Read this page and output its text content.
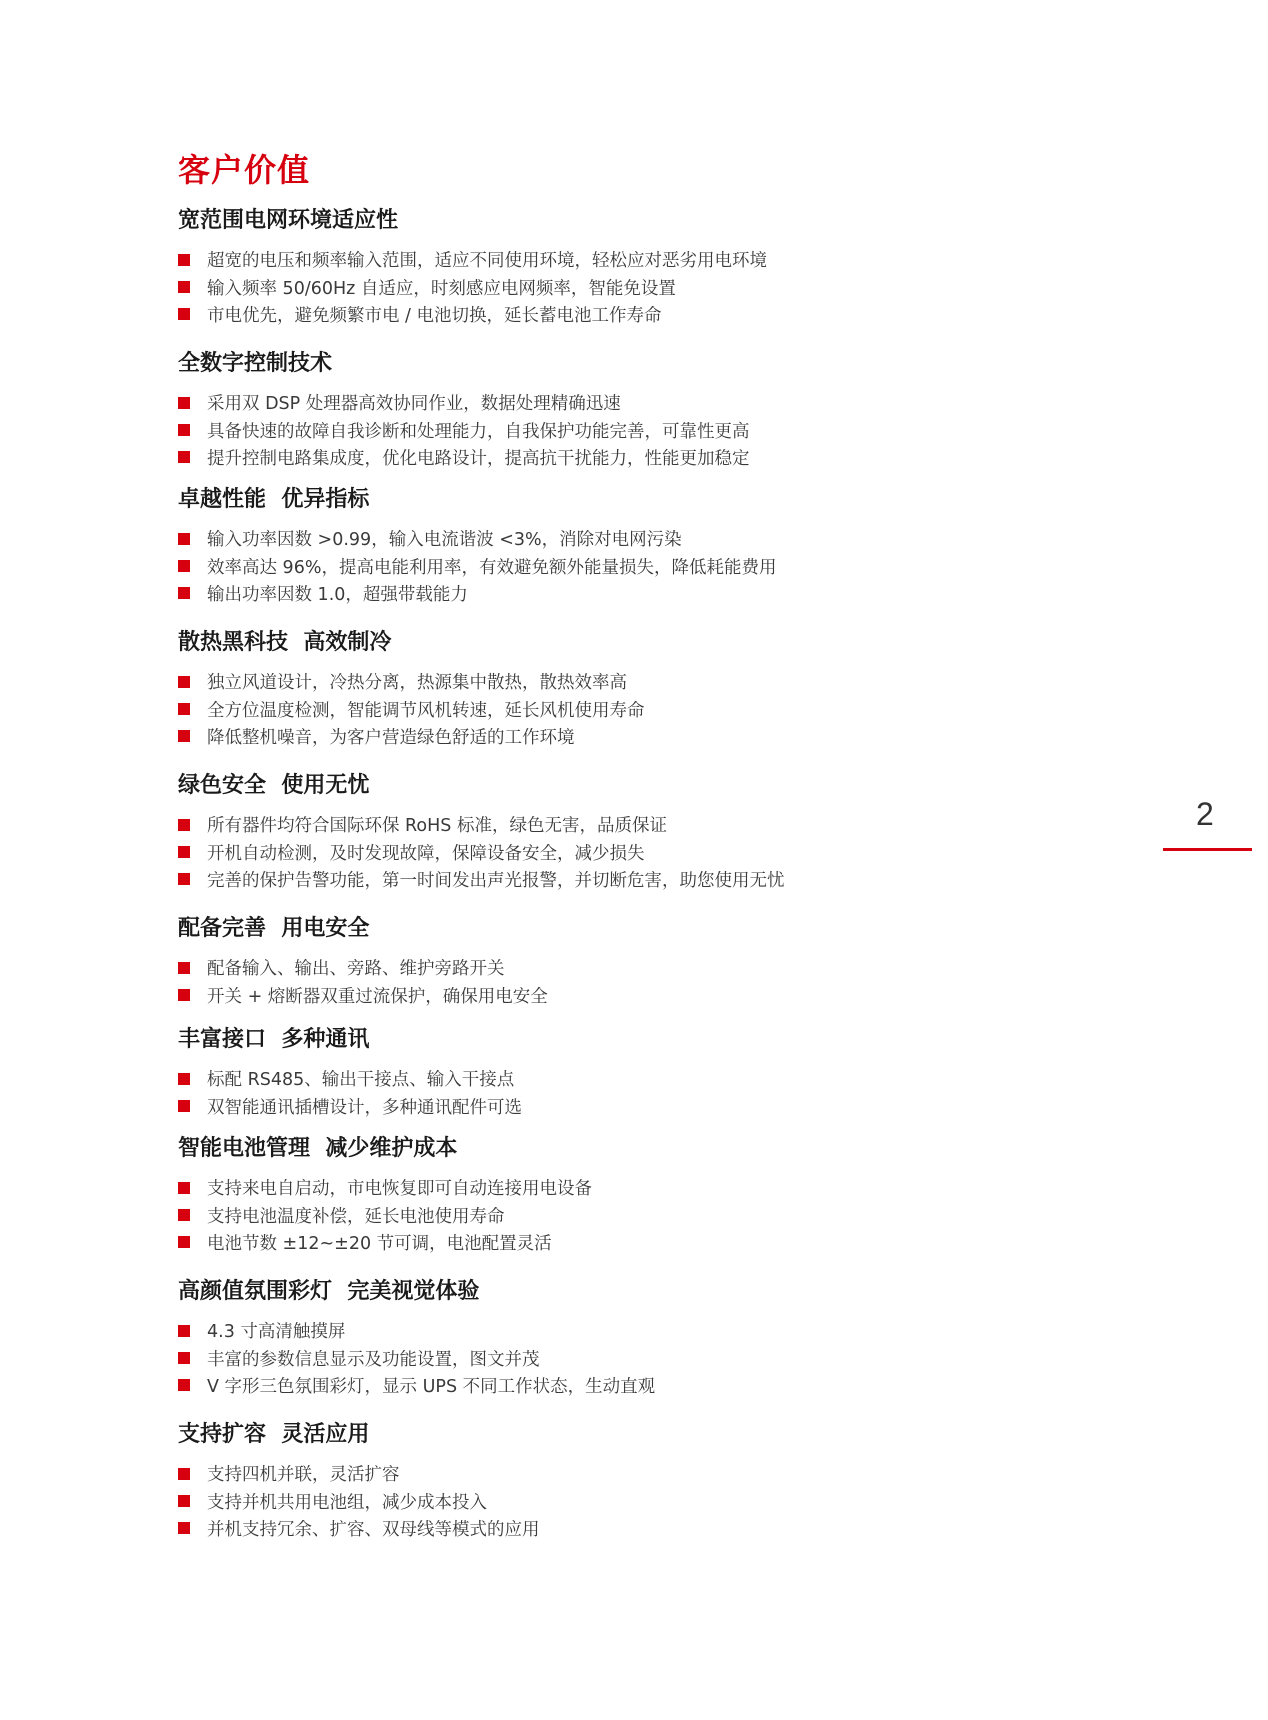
客户价值
宽范围电网环境适应性
超宽的电压和频率输入范围，适应不同使用环境，轻松应对恶劣用电环境
输入频率 50/60Hz 自适应，时刻感应电网频率，智能免设置
市电优先，避免频繁市电 / 电池切换，延长蓄电池工作寿命
全数字控制技术
采用双 DSP 处理器高效协同作业，数据处理精确迅速
具备快速的故障自我诊断和处理能力，自我保护功能完善，可靠性更高
提升控制电路集成度，优化电路设计，提高抗干扰能力，性能更加稳定
卓越性能  优异指标
输入功率因数 >0.99，输入电流谐波 <3%，消除对电网污染
效率高达 96%，提高电能利用率，有效避免额外能量损失，降低耗能费用
输出功率因数 1.0，超强带载能力
散热黑科技  高效制冷
独立风道设计，冷热分离，热源集中散热，散热效率高
全方位温度检测，智能调节风机转速，延长风机使用寿命
降低整机噪音，为客户营造绿色舒适的工作环境
绿色安全  使用无忧
所有器件均符合国际环保 RoHS 标准，绿色无害，品质保证
开机自动检测，及时发现故障，保障设备安全，减少损失
完善的保护告警功能，第一时间发出声光报警，并切断危害，助您使用无忧
配备完善  用电安全
配备输入、输出、旁路、维护旁路开关
开关 + 熔断器双重过流保护，确保用电安全
丰富接口  多种通讯
标配 RS485、输出干接点、输入干接点
双智能通讯插槽设计，多种通讯配件可选
智能电池管理  减少维护成本
支持来电自启动，市电恢复即可自动连接用电设备
支持电池温度补偿，延长电池使用寿命
电池节数 ±12~±20 节可调，电池配置灵活
高颜值氛围彩灯  完美视觉体验
4.3 寸高清触摸屏
丰富的参数信息显示及功能设置，图文并茂
V 字形三色氛围彩灯，显示 UPS 不同工作状态，生动直观
支持扩容  灵活应用
支持四机并联，灵活扩容
支持并机共用电池组，减少成本投入
并机支持冗余、扩容、双母线等模式的应用
2
